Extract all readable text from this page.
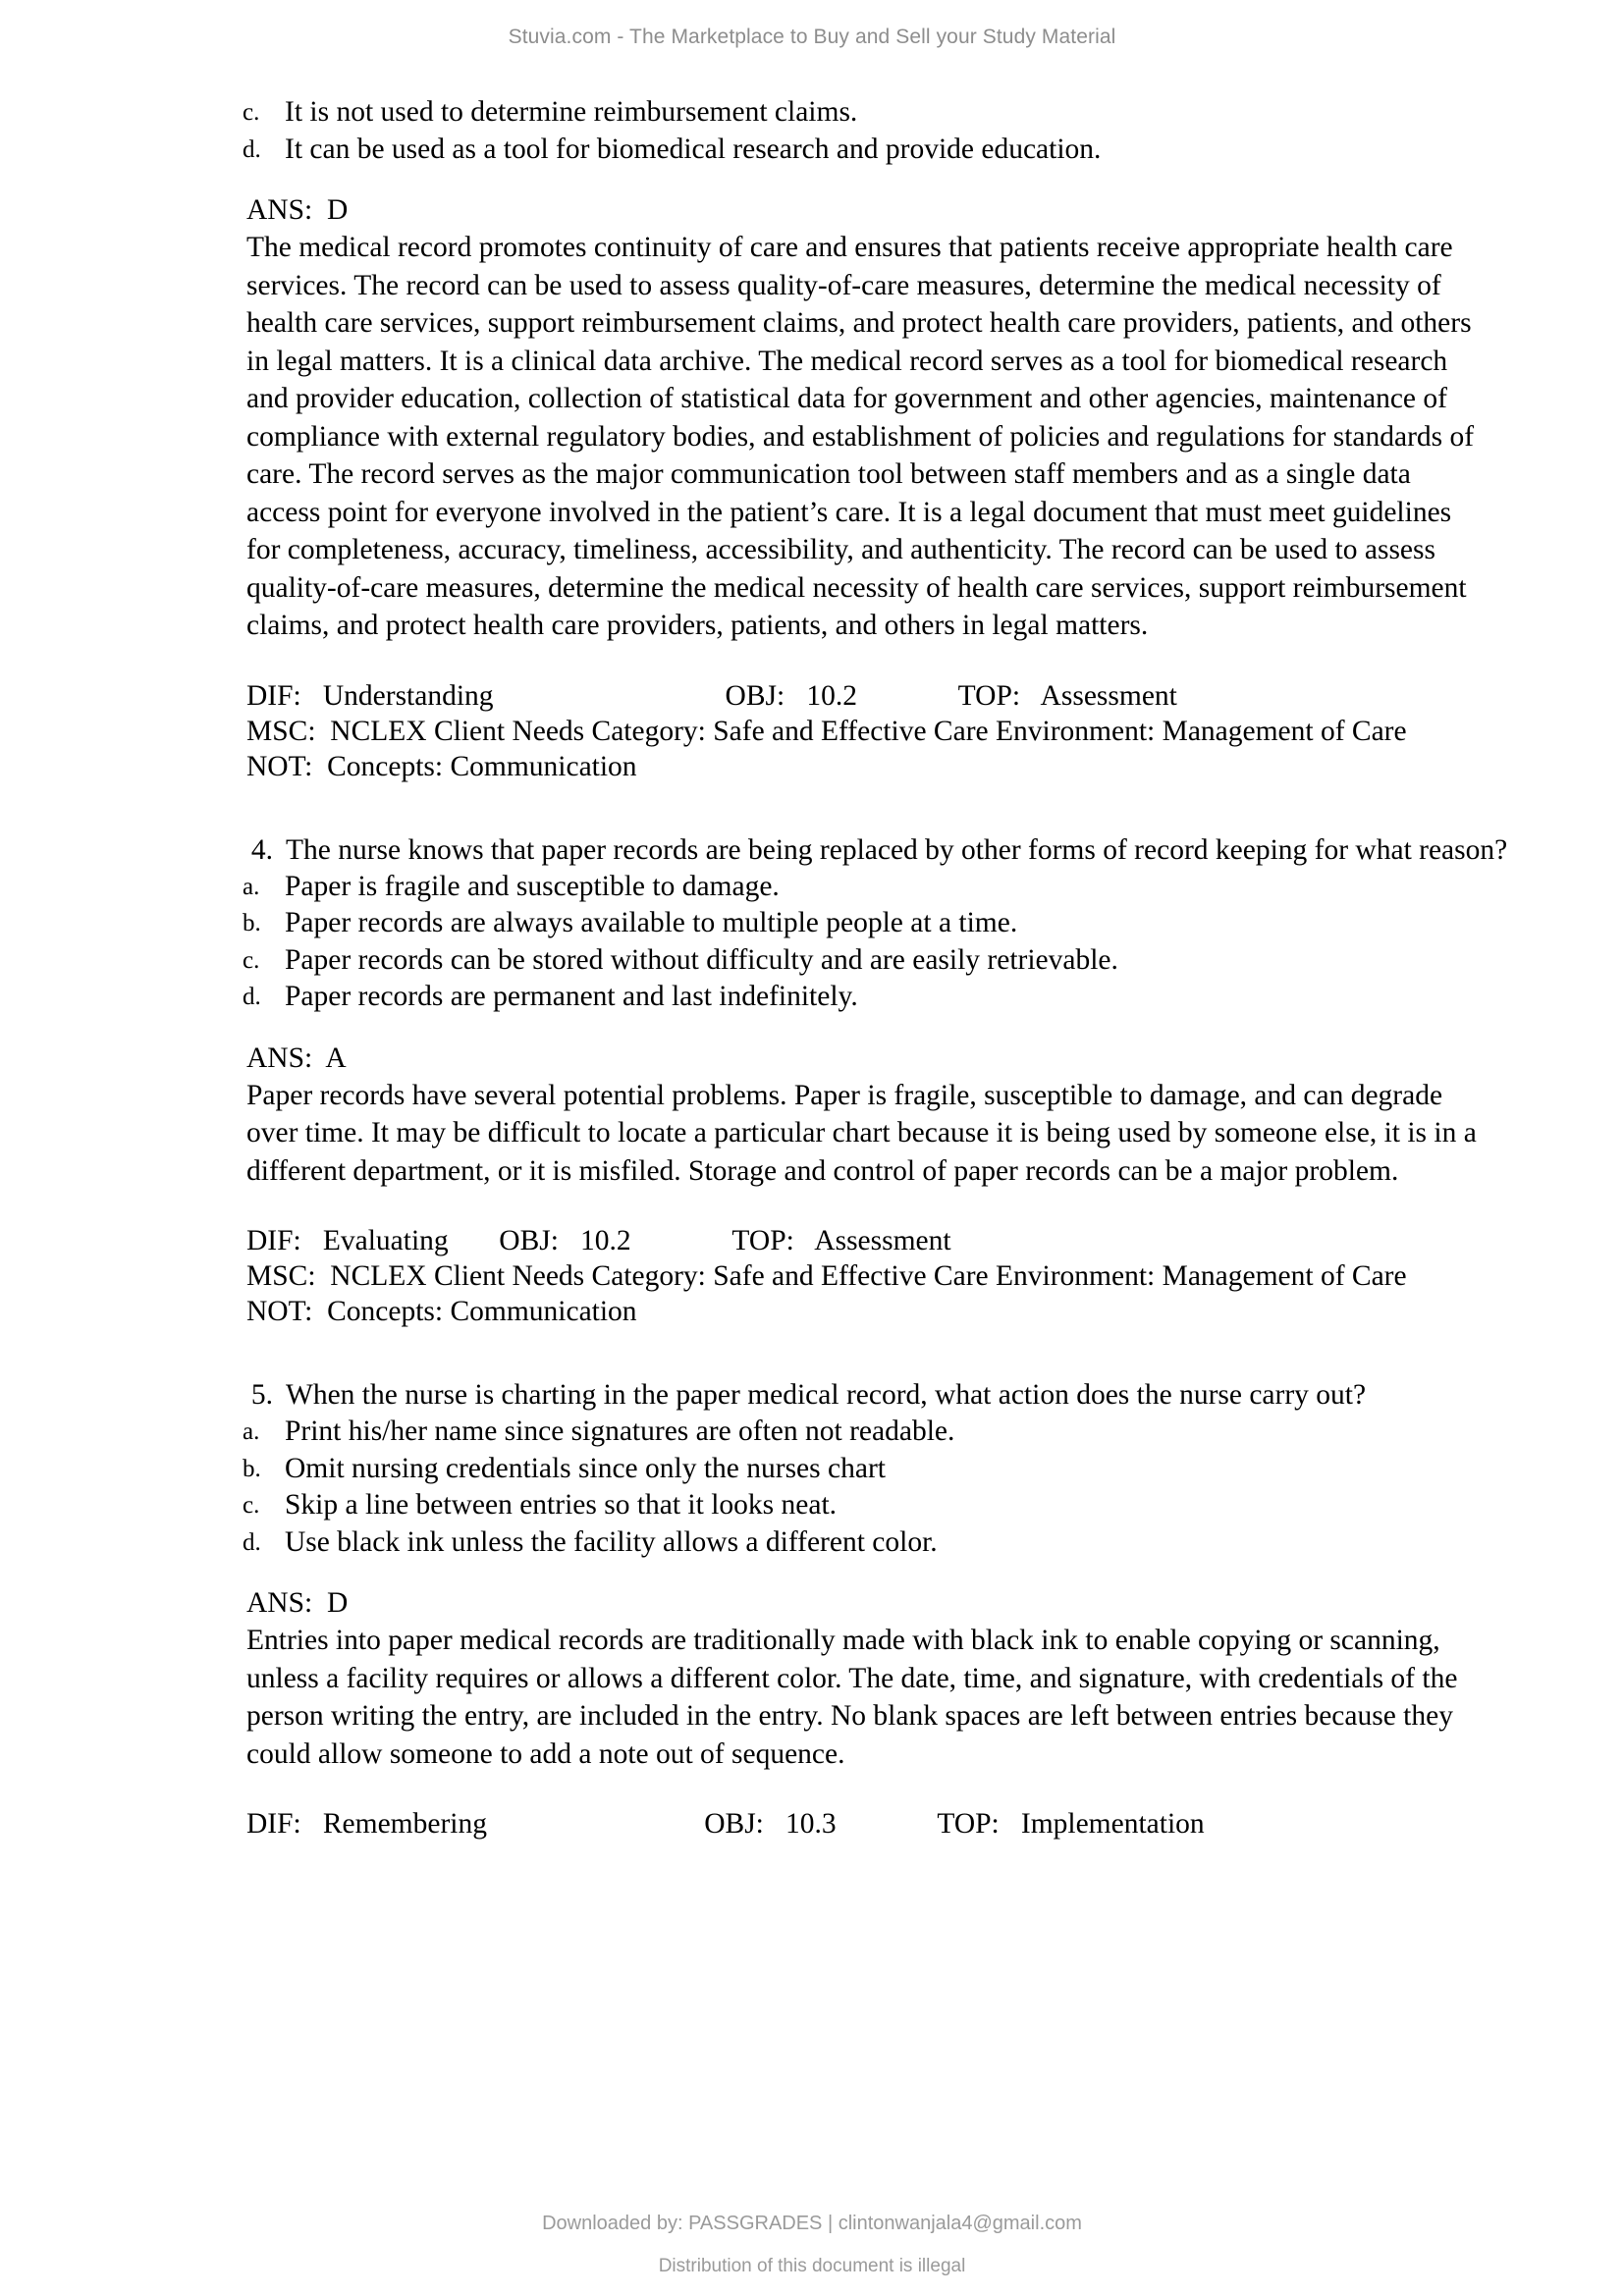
Stuvia.com - The Marketplace to Buy and Sell your Study Material
c. It is not used to determine reimbursement claims.
d. It can be used as a tool for biomedical research and provide education.
ANS:  D
The medical record promotes continuity of care and ensures that patients receive appropriate health care services. The record can be used to assess quality-of-care measures, determine the medical necessity of health care services, support reimbursement claims, and protect health care providers, patients, and others in legal matters. It is a clinical data archive. The medical record serves as a tool for biomedical research and provider education, collection of statistical data for government and other agencies, maintenance of compliance with external regulatory bodies, and establishment of policies and regulations for standards of care. The record serves as the major communication tool between staff members and as a single data access point for everyone involved in the patient’s care. It is a legal document that must meet guidelines for completeness, accuracy, timeliness, accessibility, and authenticity. The record can be used to assess quality-of-care measures, determine the medical necessity of health care services, support reimbursement claims, and protect health care providers, patients, and others in legal matters.
DIF:   Understanding                                OBJ:   10.2              TOP:   Assessment
MSC:  NCLEX Client Needs Category: Safe and Effective Care Environment: Management of Care
NOT:  Concepts: Communication
4. The nurse knows that paper records are being replaced by other forms of record keeping for what reason?
a. Paper is fragile and susceptible to damage.
b. Paper records are always available to multiple people at a time.
c. Paper records can be stored without difficulty and are easily retrievable.
d. Paper records are permanent and last indefinitely.
ANS:  A
Paper records have several potential problems. Paper is fragile, susceptible to damage, and can degrade over time. It may be difficult to locate a particular chart because it is being used by someone else, it is in a different department, or it is misfiled. Storage and control of paper records can be a major problem.
DIF:   Evaluating       OBJ:   10.2              TOP:   Assessment
MSC:  NCLEX Client Needs Category: Safe and Effective Care Environment: Management of Care
NOT:  Concepts: Communication
5. When the nurse is charting in the paper medical record, what action does the nurse carry out?
a. Print his/her name since signatures are often not readable.
b. Omit nursing credentials since only the nurses chart
c. Skip a line between entries so that it looks neat.
d. Use black ink unless the facility allows a different color.
ANS:  D
Entries into paper medical records are traditionally made with black ink to enable copying or scanning, unless a facility requires or allows a different color. The date, time, and signature, with credentials of the person writing the entry, are included in the entry. No blank spaces are left between entries because they could allow someone to add a note out of sequence.
DIF:   Remembering                              OBJ:   10.3              TOP:   Implementation
Downloaded by: PASSGRADES | clintonwanjala4@gmail.com
Distribution of this document is illegal
